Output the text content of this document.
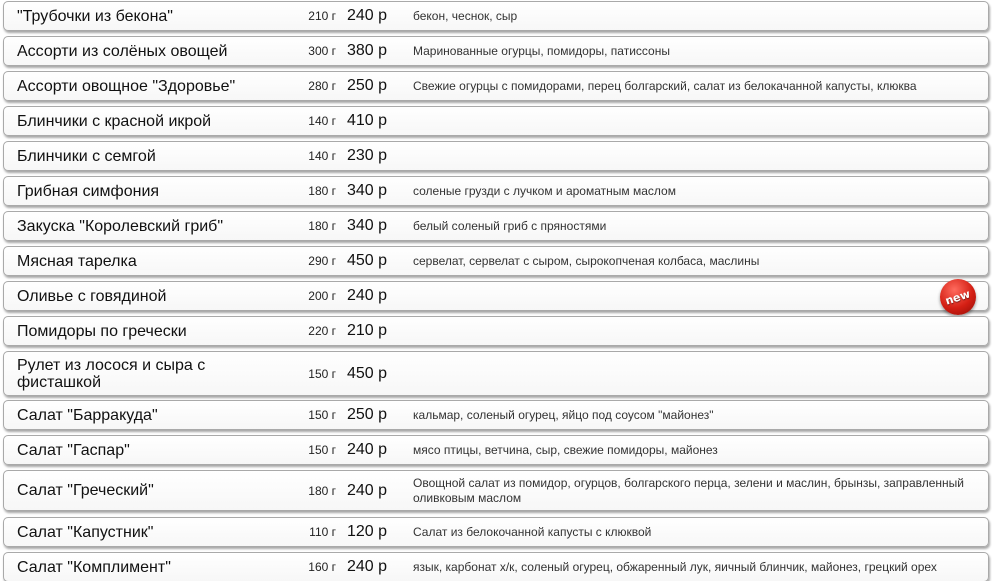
"Трубочки из бекона"	210 г 240 р бекон, чеснок, сыр
Ассорти из солёных овощей	300 г 380 р Маринованные огурцы, помидоры, патиссоны
Ассорти овощное "Здоровье"	280 г 250 р Свежие огурцы с помидорами, перец болгарский, салат из белокачанной капусты, клюква
Блинчики с красной икрой	140 г 410 р
Блинчики с семгой	140 г 230 р
Грибная симфония	180 г 340 р соленые грузди с лучком и ароматным маслом
Закуска "Королевский гриб"	180 г 340 р белый соленый гриб с пряностями
Мясная тарелка	290 г 450 р сервелат, сервелат с сыром, сырокопченая колбаса, маслины
Оливье с говядиной	200 г 240 р	new
Помидоры по гречески	220 г 210 р
Рулет из лосося и сыра с фисташкой	150 г 450 р
Салат "Барракуда"	150 г 250 р кальмар, соленый огурец, яйцо под соусом "майонез"
Салат "Гаспар"	150 г 240 р мясо птицы, ветчина, сыр, свежие помидоры, майонез
Салат "Греческий"	180 г 240 р Овощной салат из помидор, огурцов, болгарского перца, зелени и маслин, брынзы, заправленный оливковым маслом
Салат "Капустник"	110 г 120 р Салат из белокочанной капусты с клюквой
Салат "Комплимент"	160 г 240 р язык, карбонат х/к, соленый огурец, обжаренный лук, яичный блинчик, майонез, грецкий орех
